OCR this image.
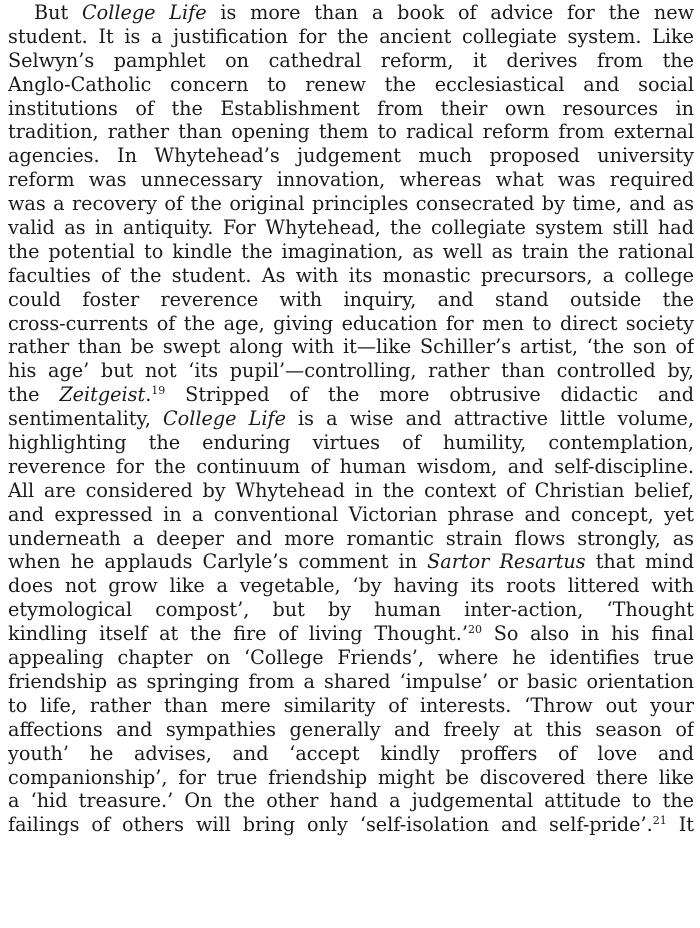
But College Life is more than a book of advice for the new
student. It is a justification for the ancient collegiate system. Like
Selwyn’s pamphlet on cathedral reform, it derives from the
Anglo-Catholic concern to renew the ecclesiastical and social
institutions of the Establishment from their own resources in
tradition, rather than opening them to radical reform from external
agencies. In Whytehead’s judgement much proposed university
reform was unnecessary innovation, whereas what was required
was a recovery of the original principles consecrated by time, and as
valid as in antiquity. For Whytehead, the collegiate system still had
the potential to kindle the imagination, as well as train the rational
faculties of the student. As with its monastic precursors, a college
could foster reverence with inquiry, and stand outside the
cross-currents of the age, giving education for men to direct society
rather than be swept along with it—like Schiller’s artist, ‘the son of
his age’ but not ‘its pupil’—controlling, rather than controlled by,
the Zeitgeist.$^{19}$ Stripped of the more obtrusive didactic and
sentimentality, College Life is a wise and attractive little volume,
highlighting the enduring virtues of humility, contemplation,
reverence for the continuum of human wisdom, and self-discipline.
All are considered by Whytehead in the context of Christian belief,
and expressed in a conventional Victorian phrase and concept, yet
underneath a deeper and more romantic strain flows strongly, as
when he applauds Carlyle’s comment in Sartor Resartus that mind
does not grow like a vegetable, ‘by having its roots littered with
etymological compost’, but by human inter-action, ‘Thought
kindling itself at the fire of living Thought.’$^{20}$ So also in his final
appealing chapter on ‘College Friends’, where he identifies true
friendship as springing from a shared ‘impulse’ or basic orientation
to life, rather than mere similarity of interests. ‘Throw out your
affections and sympathies generally and freely at this season of
youth’ he advises, and ‘accept kindly proffers of love and
companionship’, for true friendship might be discovered there like
a ‘hid treasure.’ On the other hand a judgemental attitude to the
failings of others will bring only ‘self-isolation and self-pride’.$^{21}$ It
